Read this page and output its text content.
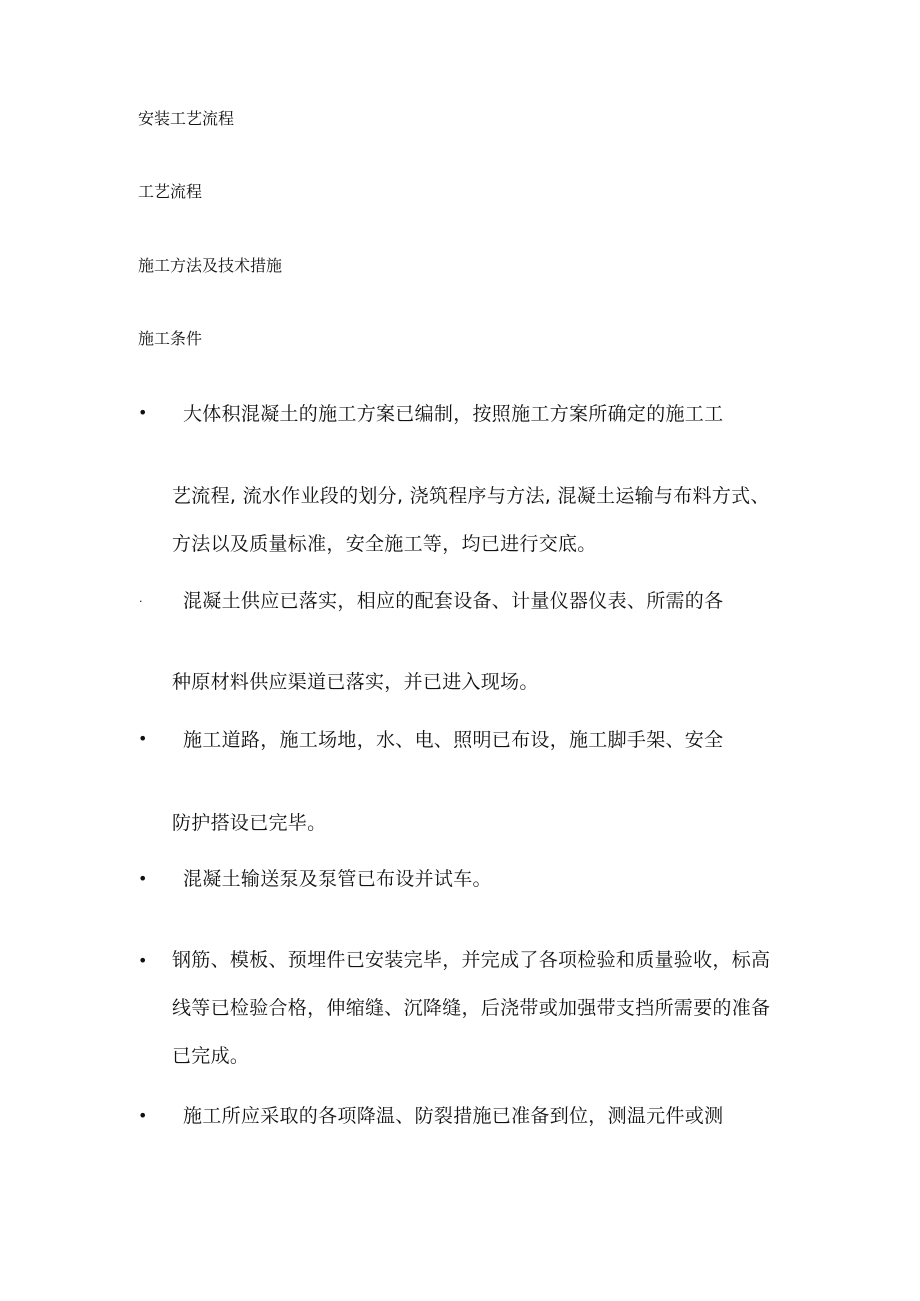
安装工艺流程
工艺流程
施工方法及技术措施
施工条件
• 大体积混凝土的施工方案已编制，按照施工方案所确定的施工工
艺流程, 流水作业段的划分, 浇筑程序与方法, 混凝土运输与布料方式、
方法以及质量标准，安全施工等，均已进行交底。
·	混凝土供应已落实，相应的配套设备、计量仪器仪表、所需的各
种原材料供应渠道已落实，并已进入现场。
• 施工道路，施工场地，水、电、照明已布设，施工脚手架、安全
防护搭设已完毕。
• 混凝土输送泵及泵管已布设并试车。
• 钢筋、模板、预埋件已安装完毕，并完成了各项检验和质量验收，标高
线等已检验合格，伸缩缝、沉降缝，后浇带或加强带支挡所需要的准备
已完成。
• 施工所应采取的各项降温、防裂措施已准备到位，测温元件或测
